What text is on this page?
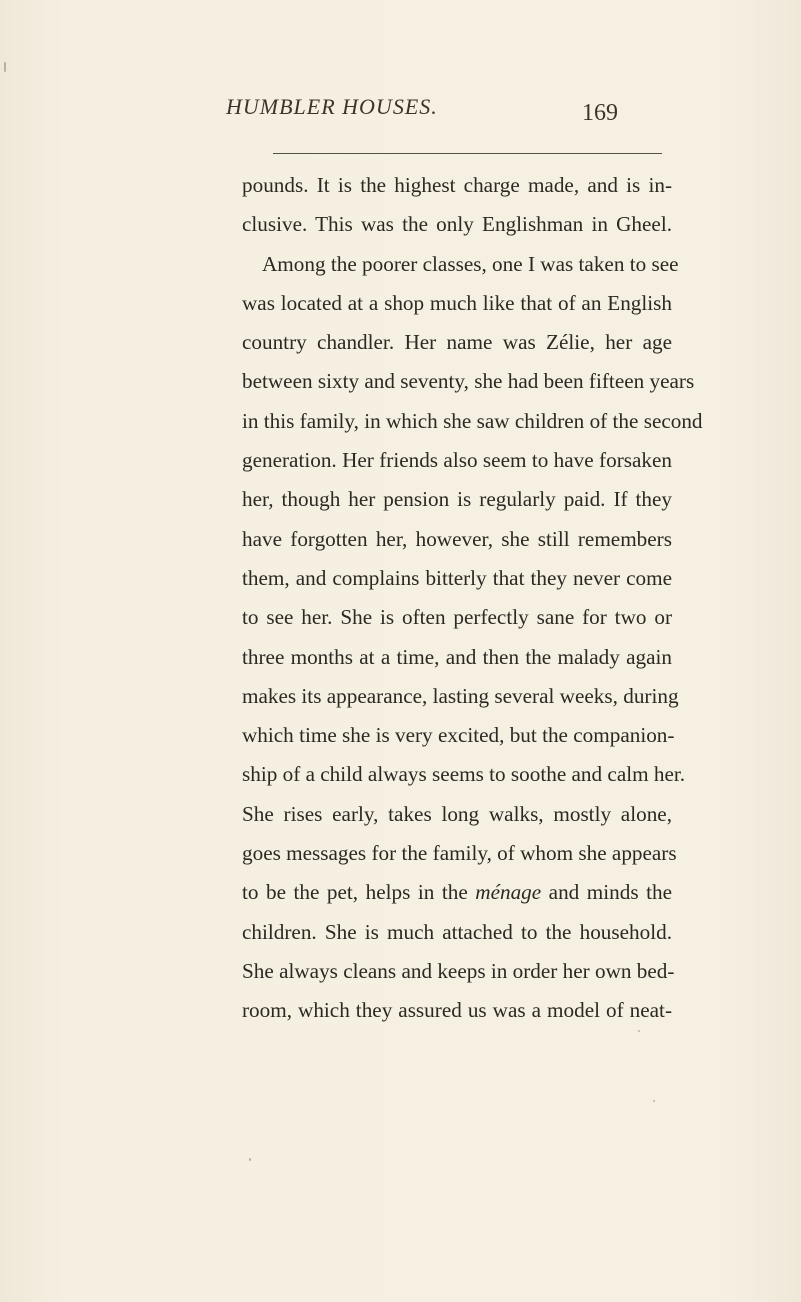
HUMBLER HOUSES.	169
pounds. It is the highest charge made, and is in-
clusive. This was the only Englishman in Gheel.
Among the poorer classes, one I was taken to see
was located at a shop much like that of an English
country chandler. Her name was Zélie, her age
between sixty and seventy, she had been fifteen years
in this family, in which she saw children of the second
generation. Her friends also seem to have forsaken
her, though her pension is regularly paid. If they
have forgotten her, however, she still remembers
them, and complains bitterly that they never come
to see her. She is often perfectly sane for two or
three months at a time, and then the malady again
makes its appearance, lasting several weeks, during
which time she is very excited, but the companion-
ship of a child always seems to soothe and calm her.
She rises early, takes long walks, mostly alone,
goes messages for the family, of whom she appears
to be the pet, helps in the ménage and minds the
children. She is much attached to the household.
She always cleans and keeps in order her own bed-
room, which they assured us was a model of neat-
